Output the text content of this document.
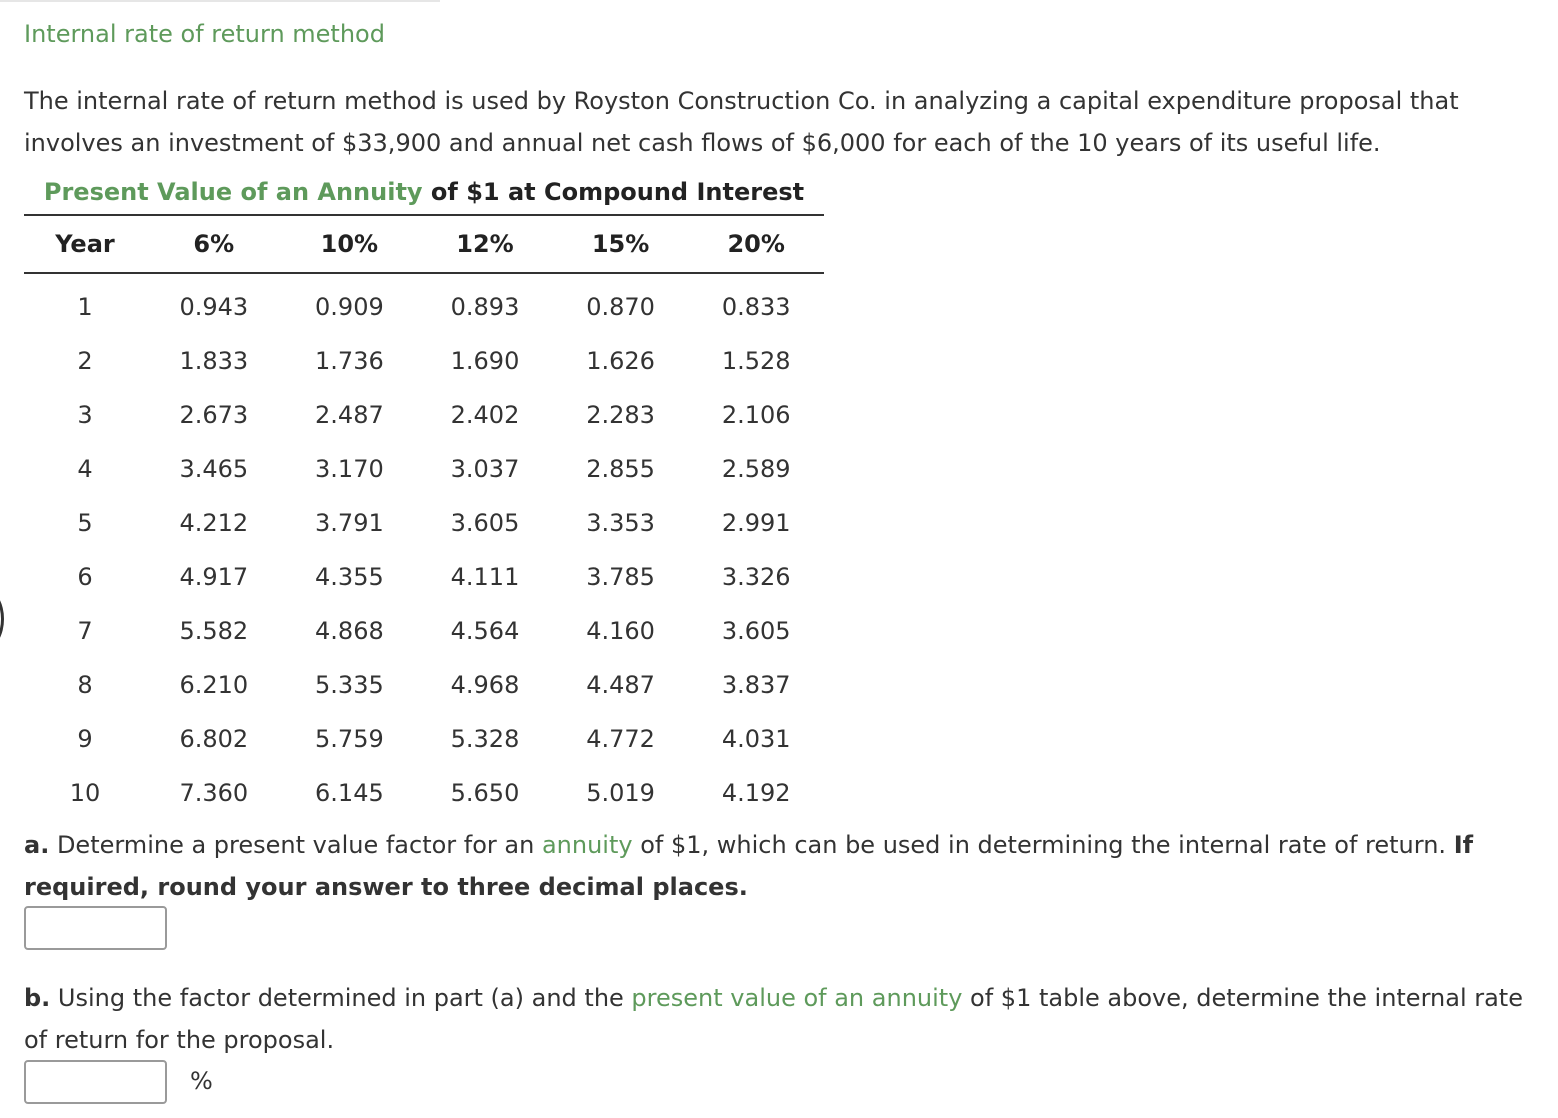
Internal rate of return method
The internal rate of return method is used by Royston Construction Co. in analyzing a capital expenditure proposal that involves an investment of $33,900 and annual net cash flows of $6,000 for each of the 10 years of its useful life.
Present Value of an Annuity of $1 at Compound Interest
Year	6%	10%	12%	15%	20%
1	0.943	0.909	0.893	0.870	0.833
2	1.833	1.736	1.690	1.626	1.528
3	2.673	2.487	2.402	2.283	2.106
4	3.465	3.170	3.037	2.855	2.589
5	4.212	3.791	3.605	3.353	2.991
6	4.917	4.355	4.111	3.785	3.326
7	5.582	4.868	4.564	4.160	3.605
8	6.210	5.335	4.968	4.487	3.837
9	6.802	5.759	5.328	4.772	4.031
10	7.360	6.145	5.650	5.019	4.192
a. Determine a present value factor for an annuity of $1, which can be used in determining the internal rate of return. If required, round your answer to three decimal places.
b. Using the factor determined in part (a) and the present value of an annuity of $1 table above, determine the internal rate of return for the proposal.
%
